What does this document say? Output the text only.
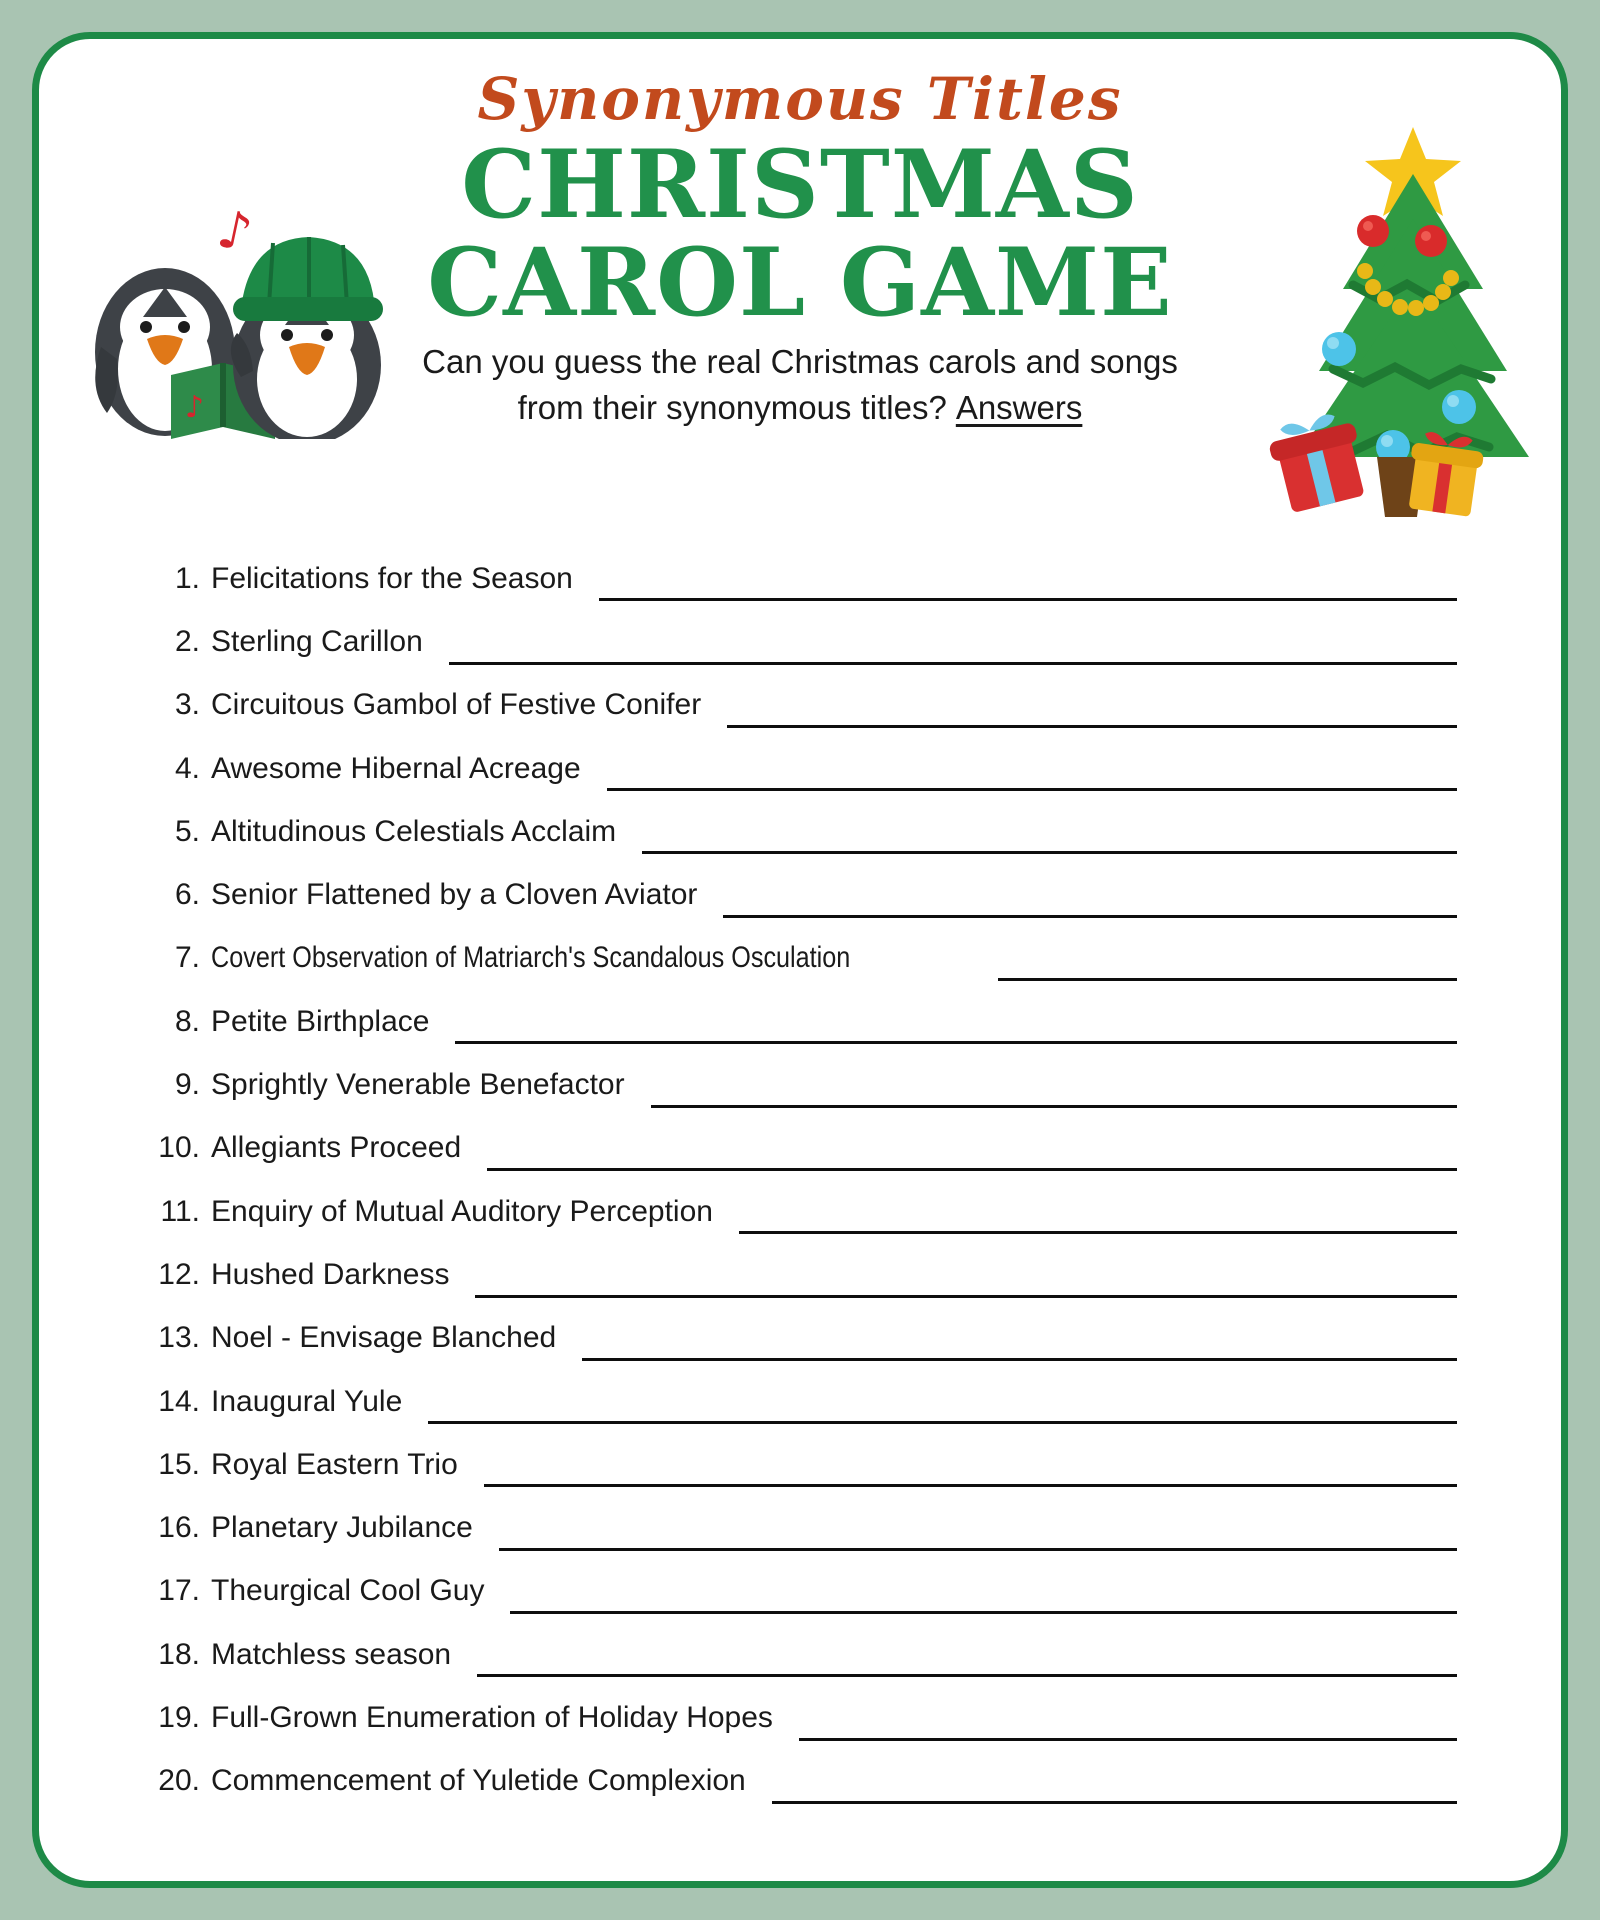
♪
♪
Synonymous Titles
CHRISTMAS
CAROL GAME
Can you guess the real Christmas carols and songs
from their synonymous titles? Answers
1. Felicitations for the Season
2. Sterling Carillon
3. Circuitous Gambol of Festive Conifer
4. Awesome Hibernal Acreage
5. Altitudinous Celestials Acclaim
6. Senior Flattened by a Cloven Aviator
7. Covert Observation of Matriarch's Scandalous Osculation
8. Petite Birthplace
9. Sprightly Venerable Benefactor
10. Allegiants Proceed
11. Enquiry of Mutual Auditory Perception
12. Hushed Darkness
13. Noel - Envisage Blanched
14. Inaugural Yule
15. Royal Eastern Trio
16. Planetary Jubilance
17. Theurgical Cool Guy
18. Matchless season
19. Full-Grown Enumeration of Holiday Hopes
20. Commencement of Yuletide Complexion
